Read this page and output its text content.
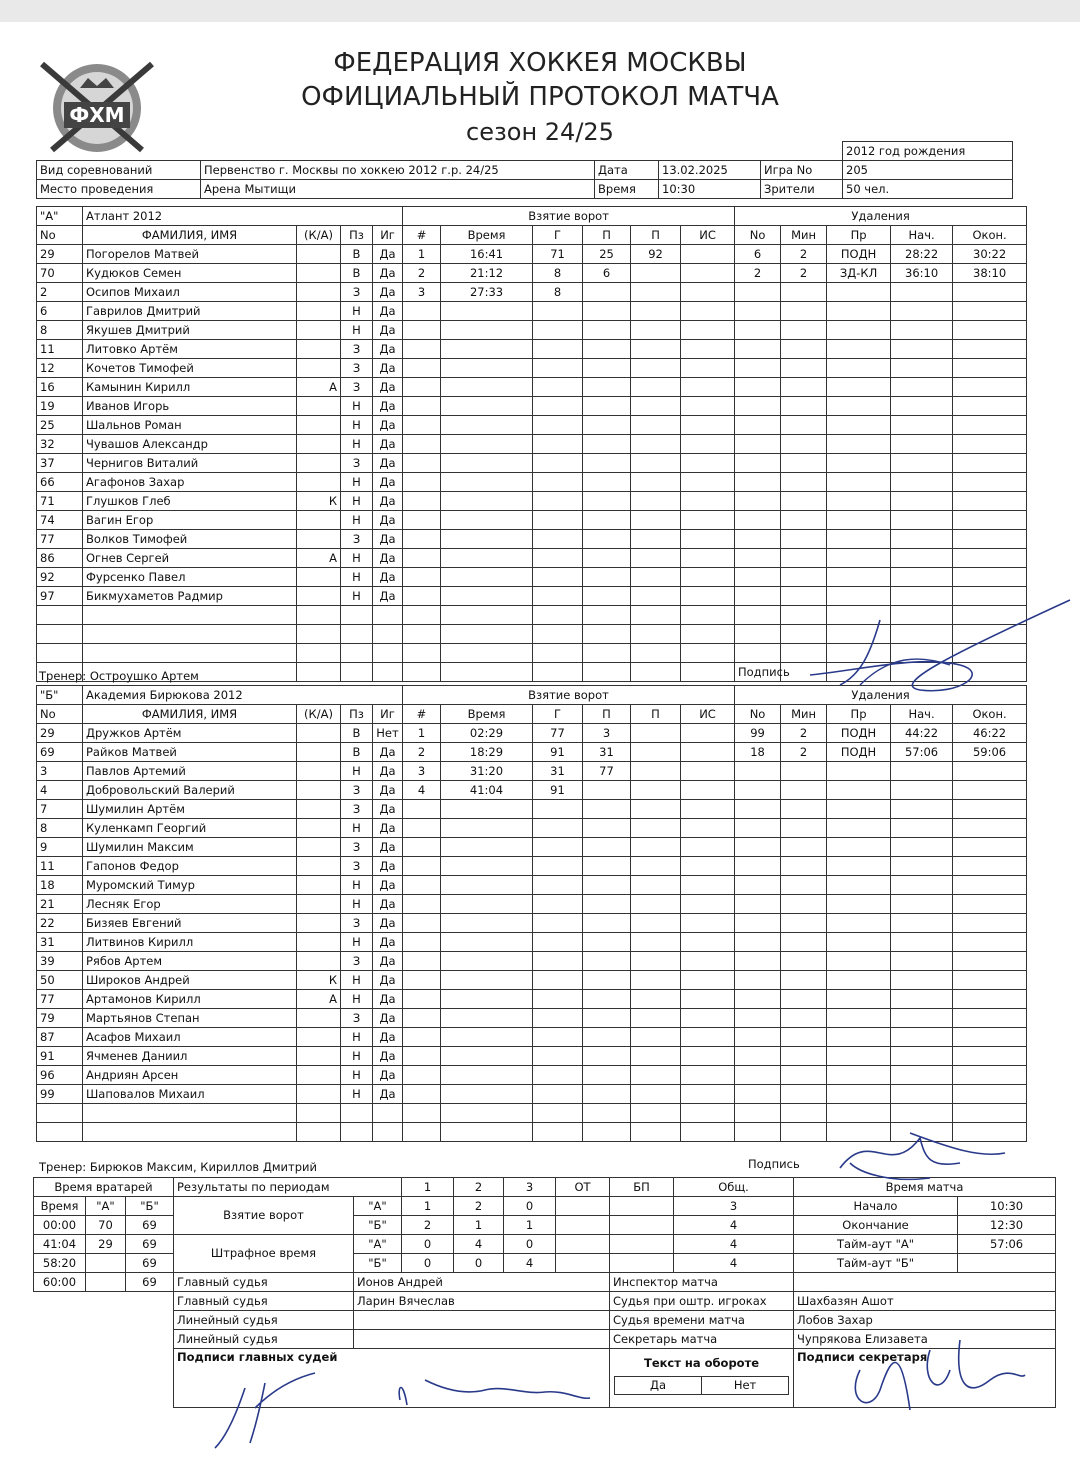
ФХМ
ФЕДЕРАЦИЯ ХОККЕЯ МОСКВЫ
ОФИЦИАЛЬНЫЙ ПРОТОКОЛ МАТЧА
сезон 24/25
					2012 год рождения
Вид соревнований	Первенство г. Москвы по хоккею 2012 г.р. 24/25	Дата	13.02.2025	Игра No	205
Место проведения	Арена Мытищи	Время	10:30	Зрители	50 чел.
"А"	Атлант 2012				Взятие ворот						Удаления				
No	ФАМИЛИЯ, ИМЯ	(К/А)	Пз	Иг	#	Время	Г	П	П	ИС	No	Мин	Пр	Нач.	Окон.
29	Погорелов Матвей		В	Да	1	16:41	71	25	92		6	2	ПОДН	28:22	30:22
70	Кудюков Семен		В	Да	2	21:12	8	6			2	2	ЗД-КЛ	36:10	38:10
2	Осипов Михаил		З	Да	3	27:33	8								
6	Гаврилов Дмитрий		Н	Да											
8	Якушев Дмитрий		Н	Да											
11	Литовко Артём		З	Да											
12	Кочетов Тимофей		З	Да											
16	Камынин Кирилл	А	З	Да											
19	Иванов Игорь		Н	Да											
25	Шальнов Роман		Н	Да											
32	Чувашов Александр		Н	Да											
37	Чернигов Виталий		З	Да											
66	Агафонов Захар		Н	Да											
71	Глушков Глеб	К	Н	Да											
74	Вагин Егор		Н	Да											
77	Волков Тимофей		З	Да											
86	Огнев Сергей	А	Н	Да											
92	Фурсенко Павел		Н	Да											
97	Бикмухаметов Радмир		Н	Да											

Тренер: Остроушко Артем	Подпись
"Б"	Академия Бирюкова 2012				Взятие ворот						Удаления				
No	ФАМИЛИЯ, ИМЯ	(К/А)	Пз	Иг	#	Время	Г	П	П	ИС	No	Мин	Пр	Нач.	Окон.
29	Дружков Артём		В	Нет	1	02:29	77	3			99	2	ПОДН	44:22	46:22
69	Райков Матвей		В	Да	2	18:29	91	31			18	2	ПОДН	57:06	59:06
3	Павлов Артемий		Н	Да	3	31:20	31	77							
4	Добровольский Валерий		З	Да	4	41:04	91								
7	Шумилин Артём		З	Да											
8	Куленкамп Георгий		Н	Да											
9	Шумилин Максим		З	Да											
11	Гапонов Федор		З	Да											
18	Муромский Тимур		Н	Да											
21	Лесняк Егор		Н	Да											
22	Бизяев Евгений		З	Да											
31	Литвинов Кирилл		Н	Да											
39	Рябов Артем		З	Да											
50	Широков Андрей	К	Н	Да											
77	Артамонов Кирилл	А	Н	Да											
79	Мартьянов Степан		З	Да											
87	Асафов Михаил		Н	Да											
91	Ячменев Даниил		Н	Да											
96	Андриян Арсен		Н	Да											
99	Шаповалов Михаил		Н	Да											

Тренер: Бирюков Максим, Кириллов Дмитрий	Подпись
Время вратарей			Результаты по периодам		1	2	3	ОТ	БП	Общ.	Время матча	
Время	"А"	"Б"	Взятие ворот	"А"	1	2	0			3	Начало	10:30
00:00	70	69		"Б"	2	1	1			4	Окончание	12:30
41:04	29	69	Штрафное время	"А"	0	4	0			4	Тайм-аут "А"	57:06
58:20		69		"Б"	0	0	4			4	Тайм-аут "Б"	
60:00		69	Главный судья	Ионов Андрей					Инспектор матча			
			Главный судья	Ларин Вячеслав					Судья при оштр. игроках		Шахбазян Ашот	
			Линейный судья						Судья времени матча		Лобов Захар	
			Линейный судья						Секретарь матча		Чупрякова Елизавета	
			Подписи главных судей						Текст на обороте
Да Нет		Подписи секретаря	
